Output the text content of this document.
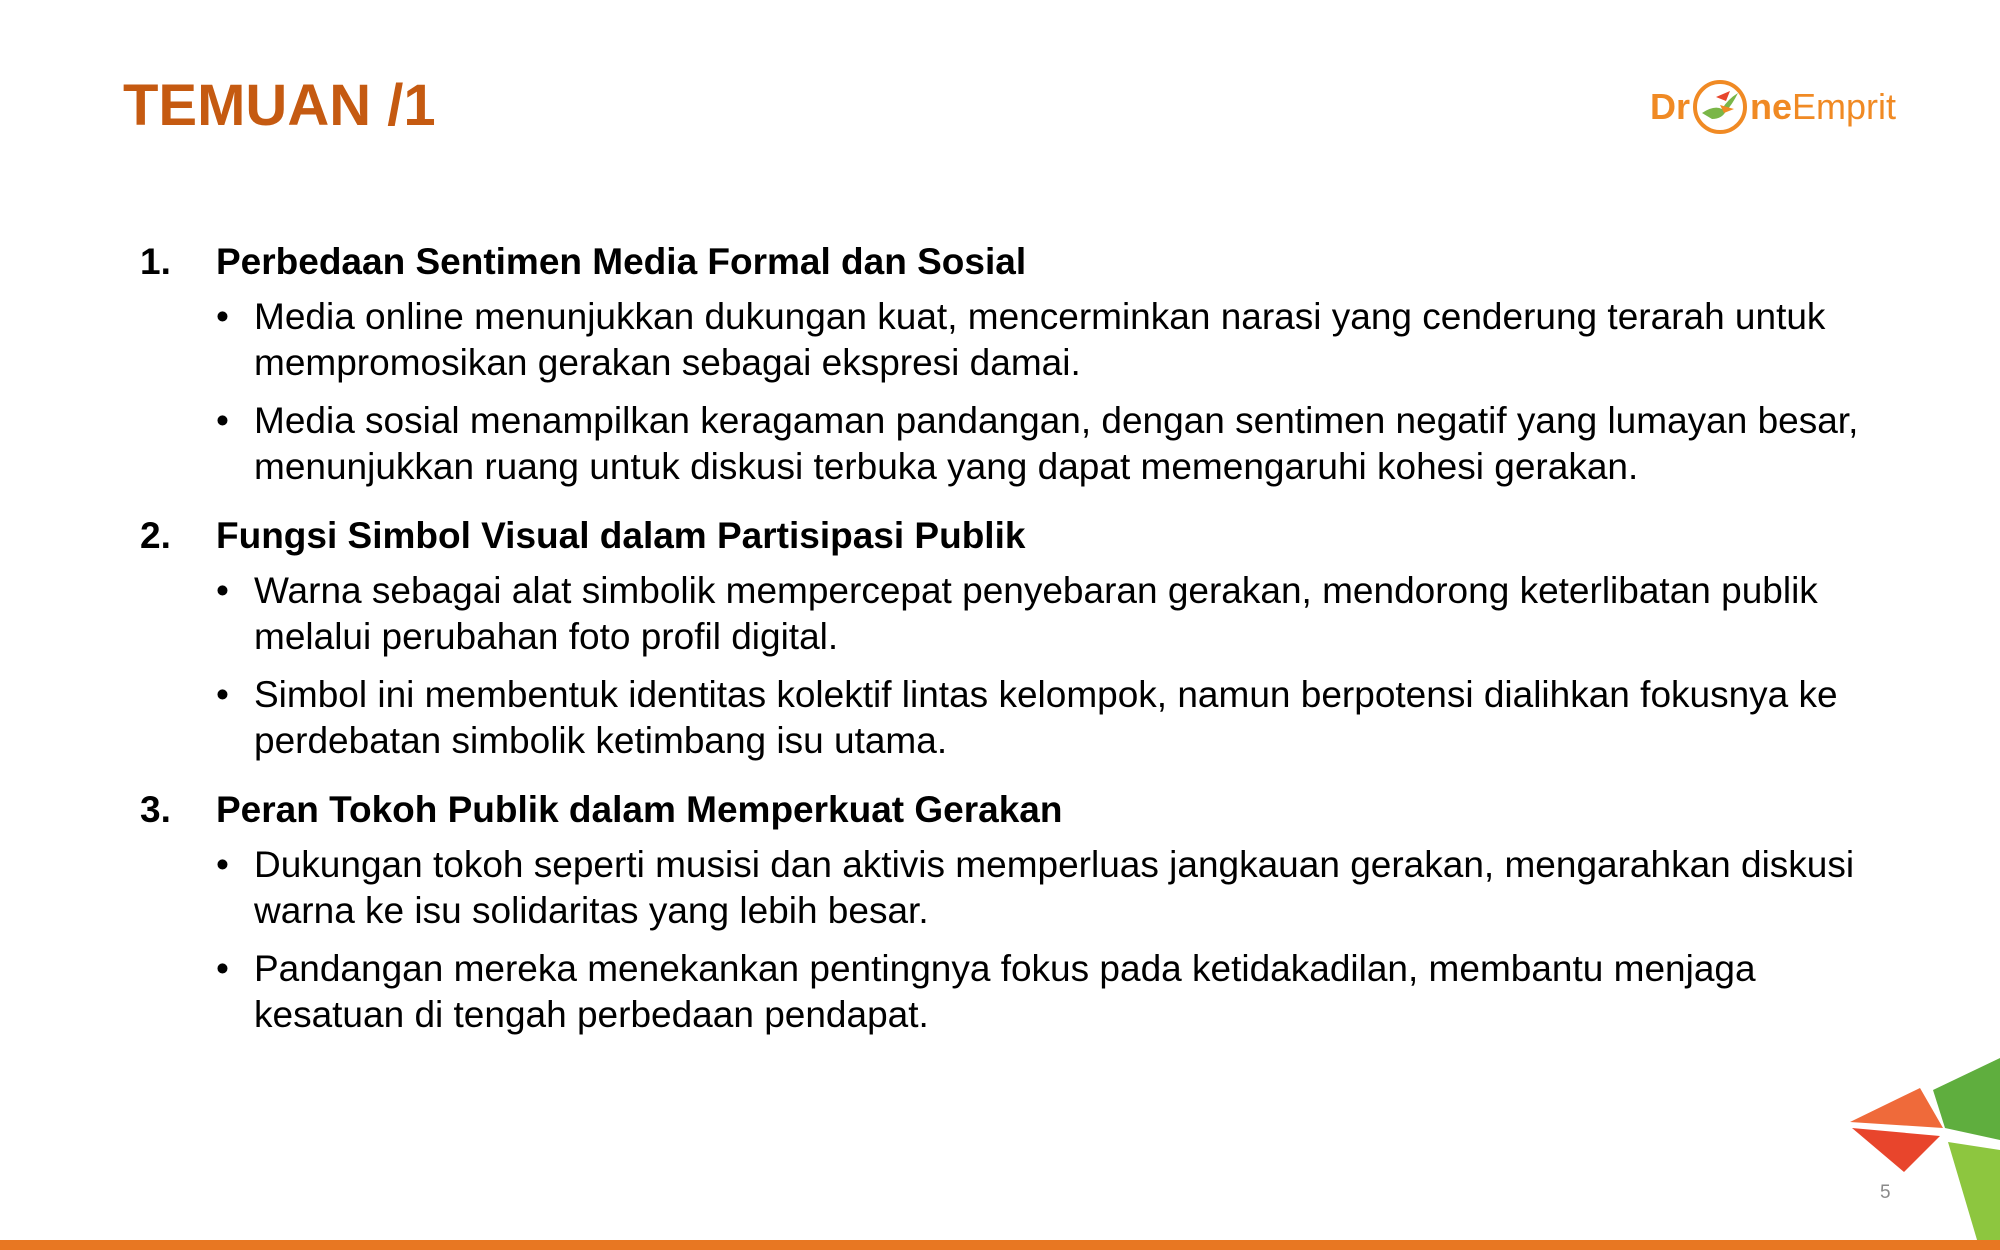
TEMUAN /1	Dr ne Emprit
1.	Perbedaan Sentimen Media Formal dan Sosial
• Media online menunjukkan dukungan kuat, mencerminkan narasi yang cenderung terarah untuk mempromosikan gerakan sebagai ekspresi damai.
• Media sosial menampilkan keragaman pandangan, dengan sentimen negatif yang lumayan besar, menunjukkan ruang untuk diskusi terbuka yang dapat memengaruhi kohesi gerakan.
2.	Fungsi Simbol Visual dalam Partisipasi Publik
• Warna sebagai alat simbolik mempercepat penyebaran gerakan, mendorong keterlibatan publik melalui perubahan foto profil digital.
• Simbol ini membentuk identitas kolektif lintas kelompok, namun berpotensi dialihkan fokusnya ke perdebatan simbolik ketimbang isu utama.
3.	Peran Tokoh Publik dalam Memperkuat Gerakan
• Dukungan tokoh seperti musisi dan aktivis memperluas jangkauan gerakan, mengarahkan diskusi warna ke isu solidaritas yang lebih besar.
• Pandangan mereka menekankan pentingnya fokus pada ketidakadilan, membantu menjaga kesatuan di tengah perbedaan pendapat.
5
